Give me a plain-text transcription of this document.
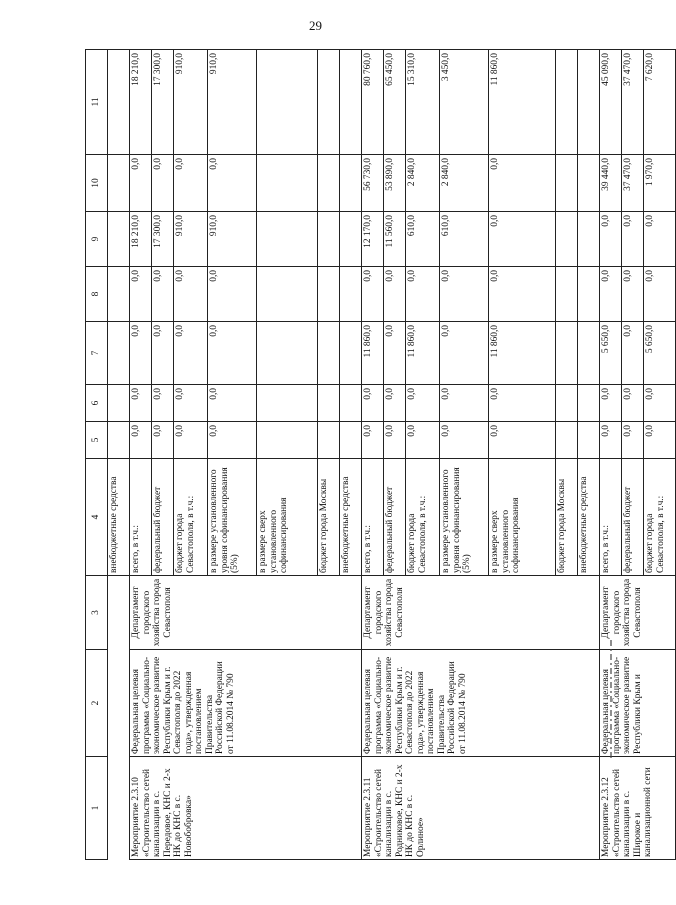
29
1	2	3	4	5	6	7	8	9	10	11
			внебюджетные средства							
Мероприятие 2.3.10 «Строительство сетей канализации в с. Передовое, КНС и 2-х НК до КНС в с. Новобобровка»	Федеральная целевая программа «Социально-экономическое развитие Республики Крым и г. Севастополя до 2022 года», утвержденная постановлением Правительства Российской Федерации от 11.08.2014 № 790	Департамент городского хозяйства города Севастополя	всего, в т.ч.:	0,0	0,0	0,0	0,0	18 210,0	0,0	18 210,0
			федеральный бюджет	0,0	0,0	0,0	0,0	17 300,0	0,0	17 300,0
			бюджет города Севастополя, в т.ч.:	0,0	0,0	0,0	0,0	910,0	0,0	910,0
			в размере установленного уровня софинансирования (5%)	0,0	0,0	0,0	0,0	910,0	0,0	910,0
			в размере сверх установленного софинансирования							
			бюджет города Москвы							
			внебюджетные средства							
Мероприятие 2.3.11 «Строительство сетей канализации в с. Родниковое, КНС и 2-х НК до КНС в с. Орлиное»	Федеральная целевая программа «Социально-экономическое развитие Республики Крым и г. Севастополя до 2022 года», утвержденная постановлением Правительства Российской Федерации от 11.08.2014 № 790	Департамент городского хозяйства города Севастополя	всего, в т.ч.:	0,0	0,0	11 860,0	0,0	12 170,0	56 730,0	80 760,0
			федеральный бюджет	0,0	0,0	0,0	0,0	11 560,0	53 890,0	65 450,0
			бюджет города Севастополя, в т.ч.:	0,0	0,0	11 860,0	0,0	610,0	2 840,0	15 310,0
			в размере установленного уровня софинансирования (5%)	0,0	0,0	0,0	0,0	610,0	2 840,0	3 450,0
			в размере сверх установленного софинансирования	0,0	0,0	11 860,0	0,0	0,0	0,0	11 860,0
			бюджет города Москвы							
			внебюджетные средства							
Мероприятие 2.3.12 «Строительство сетей канализации в с. Широкое и канализационной сети	Федеральная целевая программа «Социально-экономическое развитие Республики Крым и	Департамент городского хозяйства города Севастополя	всего, в т.ч.:	0,0	0,0	5 650,0	0,0	0,0	39 440,0	45 090,0
			федеральный бюджет	0,0	0,0	0,0	0,0	0,0	37 470,0	37 470,0
			бюджет города Севастополя, в т.ч.:	0,0	0,0	5 650,0	0,0	0,0	1 970,0	7 620,0
